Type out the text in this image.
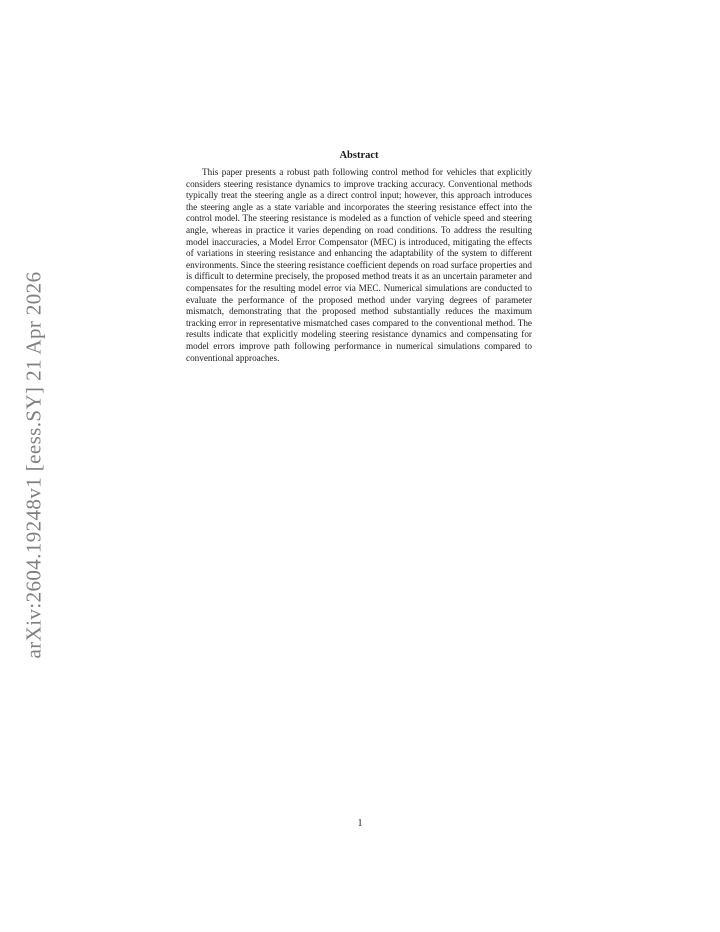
arXiv:2604.19248v1 [eess.SY] 21 Apr 2026
Abstract

This paper presents a robust path following control method for vehicles that explicitly considers steering resistance dynamics to improve tracking accuracy. Conventional methods typically treat the steering angle as a direct control input; however, this approach introduces the steering angle as a state variable and incorporates the steering resistance effect into the control model. The steering resistance is modeled as a function of vehicle speed and steering angle, whereas in practice it varies depending on road conditions. To address the resulting model inaccuracies, a Model Error Compensator (MEC) is introduced, mitigating the effects of variations in steering resistance and enhancing the adaptability of the system to different environments. Since the steering resistance coefficient depends on road surface properties and is difficult to determine precisely, the proposed method treats it as an uncertain parameter and compensates for the resulting model error via MEC. Numerical simulations are conducted to evaluate the performance of the proposed method under varying degrees of parameter mismatch, demonstrating that the proposed method substantially reduces the maximum tracking error in representative mismatched cases compared to the conventional method. The results indicate that explicitly modeling steering resistance dynamics and compensating for model errors improve path following performance in numerical simulations compared to conventional approaches.

1
